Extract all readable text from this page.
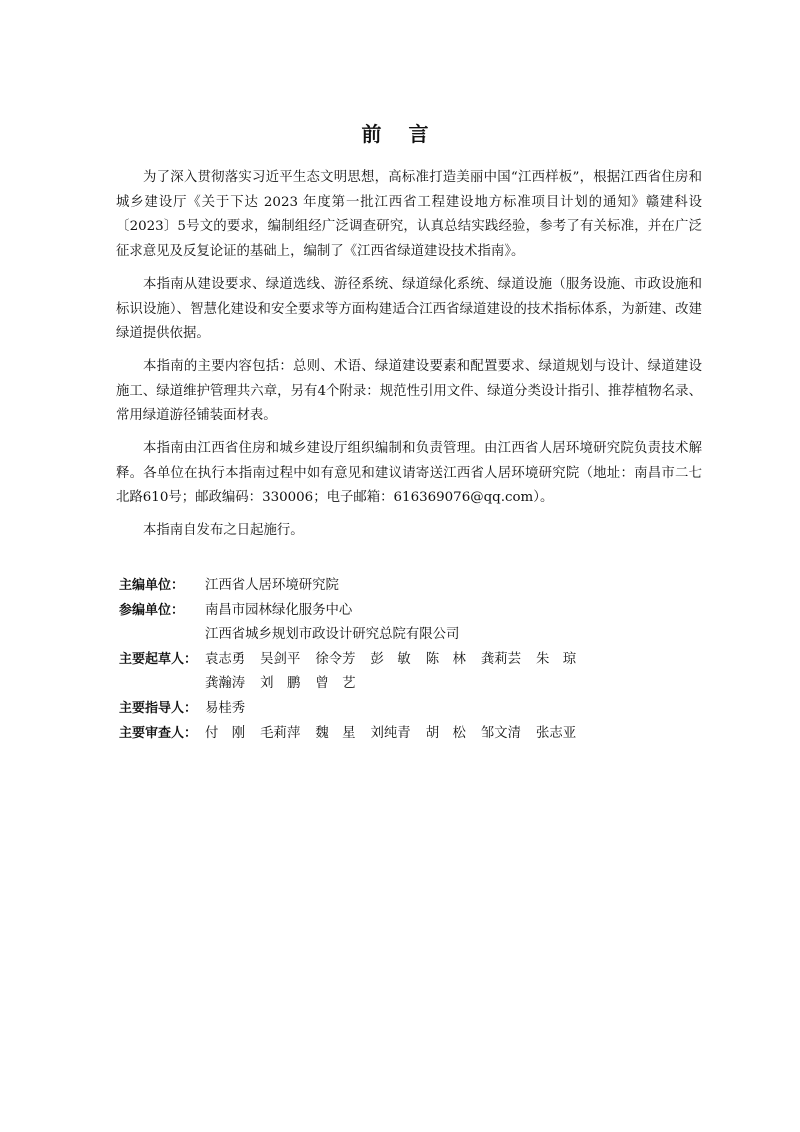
前 言

为了深入贯彻落实习近平生态文明思想，高标准打造美丽中国“江西样板”，根据江西省住房和城乡建设厅《关于下达 2023 年度第一批江西省工程建设地方标准项目计划的通知》赣建科设〔2023〕5号文的要求，编制组经广泛调查研究，认真总结实践经验，参考了有关标准，并在广泛征求意见及反复论证的基础上，编制了《江西省绿道建设技术指南》。

本指南从建设要求、绿道选线、游径系统、绿道绿化系统、绿道设施（服务设施、市政设施和标识设施）、智慧化建设和安全要求等方面构建适合江西省绿道建设的技术指标体系，为新建、改建绿道提供依据。

本指南的主要内容包括：总则、术语、绿道建设要素和配置要求、绿道规划与设计、绿道建设施工、绿道维护管理共六章，另有4个附录：规范性引用文件、绿道分类设计指引、推荐植物名录、常用绿道游径铺装面材表。

本指南由江西省住房和城乡建设厅组织编制和负责管理。由江西省人居环境研究院负责技术解释。各单位在执行本指南过程中如有意见和建议请寄送江西省人居环境研究院（地址：南昌市二七北路610号；邮政编码：330006；电子邮箱：616369076@qq.com）。

本指南自发布之日起施行。

主编单位：	江西省人居环境研究院
参编单位：	南昌市园林绿化服务中心
江西省城乡规划市政设计研究总院有限公司
主要起草人： 袁志勇 吴剑平 徐令芳 彭　敏 陈　林 龚莉芸 朱　琼
龚瀚涛 刘　鹏 曾　艺
主要指导人： 易桂秀
主要审查人： 付　刚 毛莉萍 魏　星 刘纯青 胡　松 邹文清 张志亚
